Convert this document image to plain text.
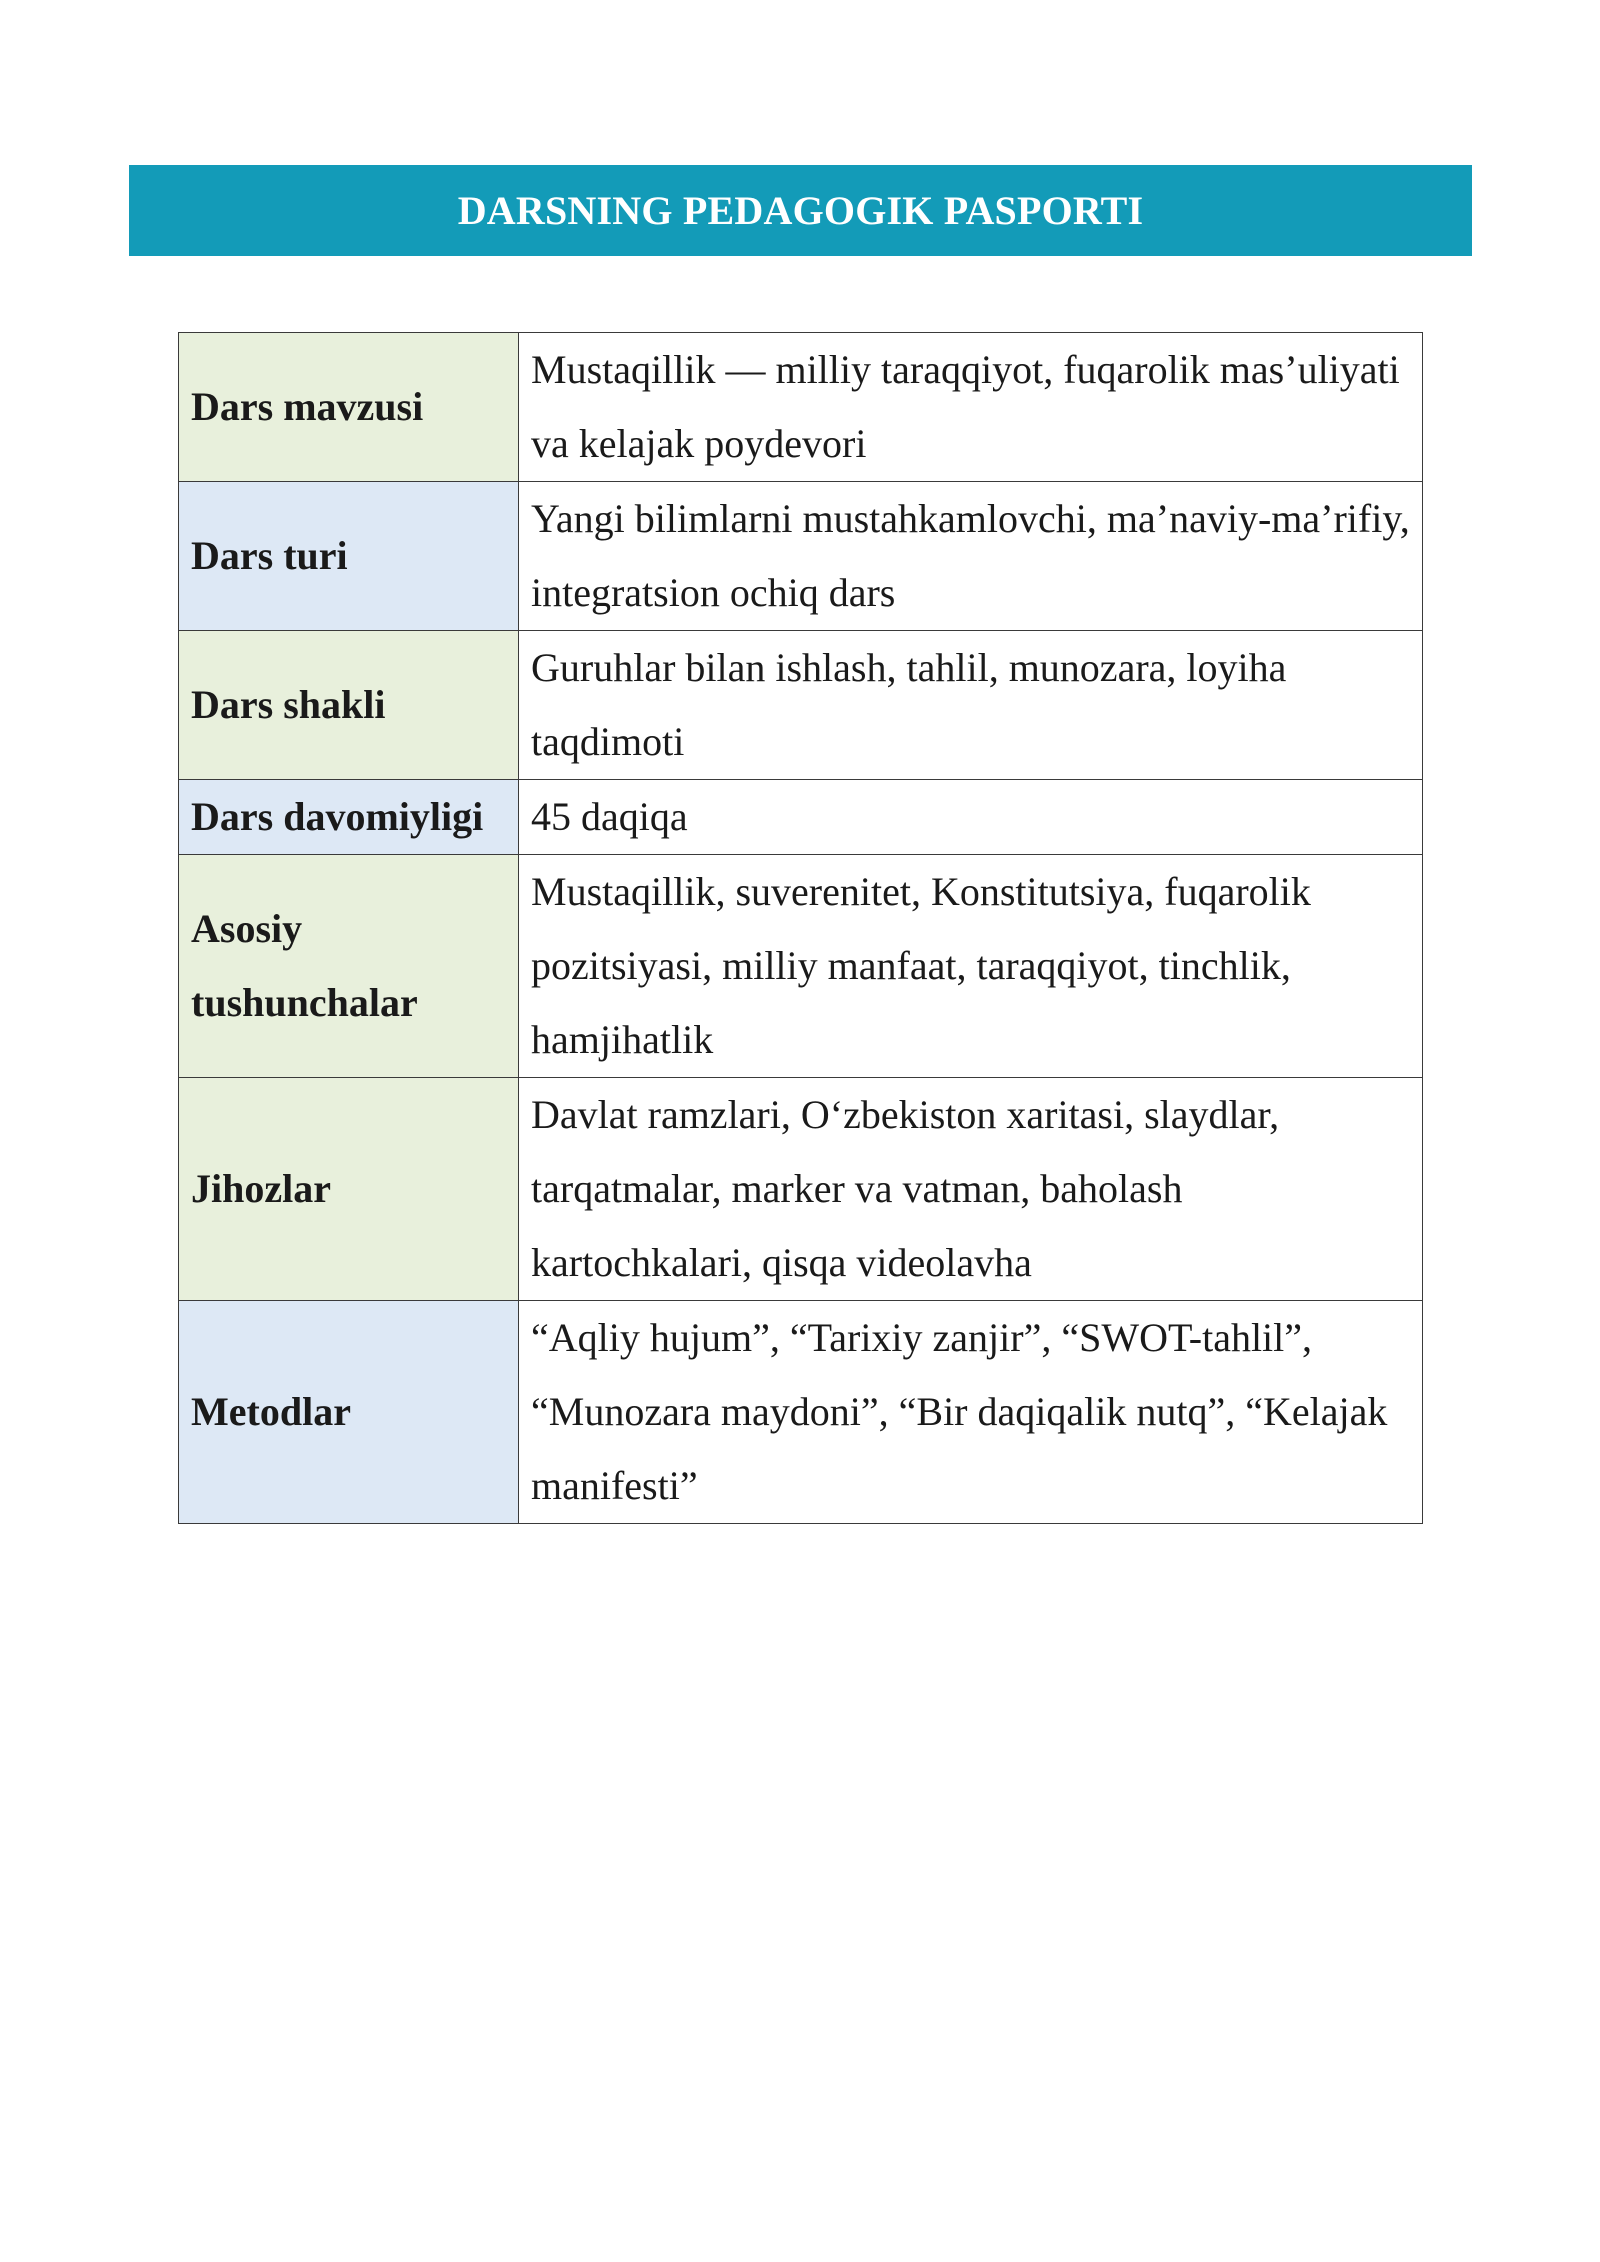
DARSNING PEDAGOGIK PASPORTI
Dars mavzusi	Mustaqillik — milliy taraqqiyot, fuqarolik mas’uliyati va kelajak poydevori
Dars turi	Yangi bilimlarni mustahkamlovchi, ma’naviy-ma’rifiy, integratsion ochiq dars
Dars shakli	Guruhlar bilan ishlash, tahlil, munozara, loyiha taqdimoti
Dars davomiyligi	45 daqiqa
Asosiy tushunchalar	Mustaqillik, suverenitet, Konstitutsiya, fuqarolik pozitsiyasi, milliy manfaat, taraqqiyot, tinchlik, hamjihatlik
Jihozlar	Davlat ramzlari, O‘zbekiston xaritasi, slaydlar, tarqatmalar, marker va vatman, baholash kartochkalari, qisqa videolavha
Metodlar	“Aqliy hujum”, “Tarixiy zanjir”, “SWOT-tahlil”, “Munozara maydoni”, “Bir daqiqalik nutq”, “Kelajak manifesti”
